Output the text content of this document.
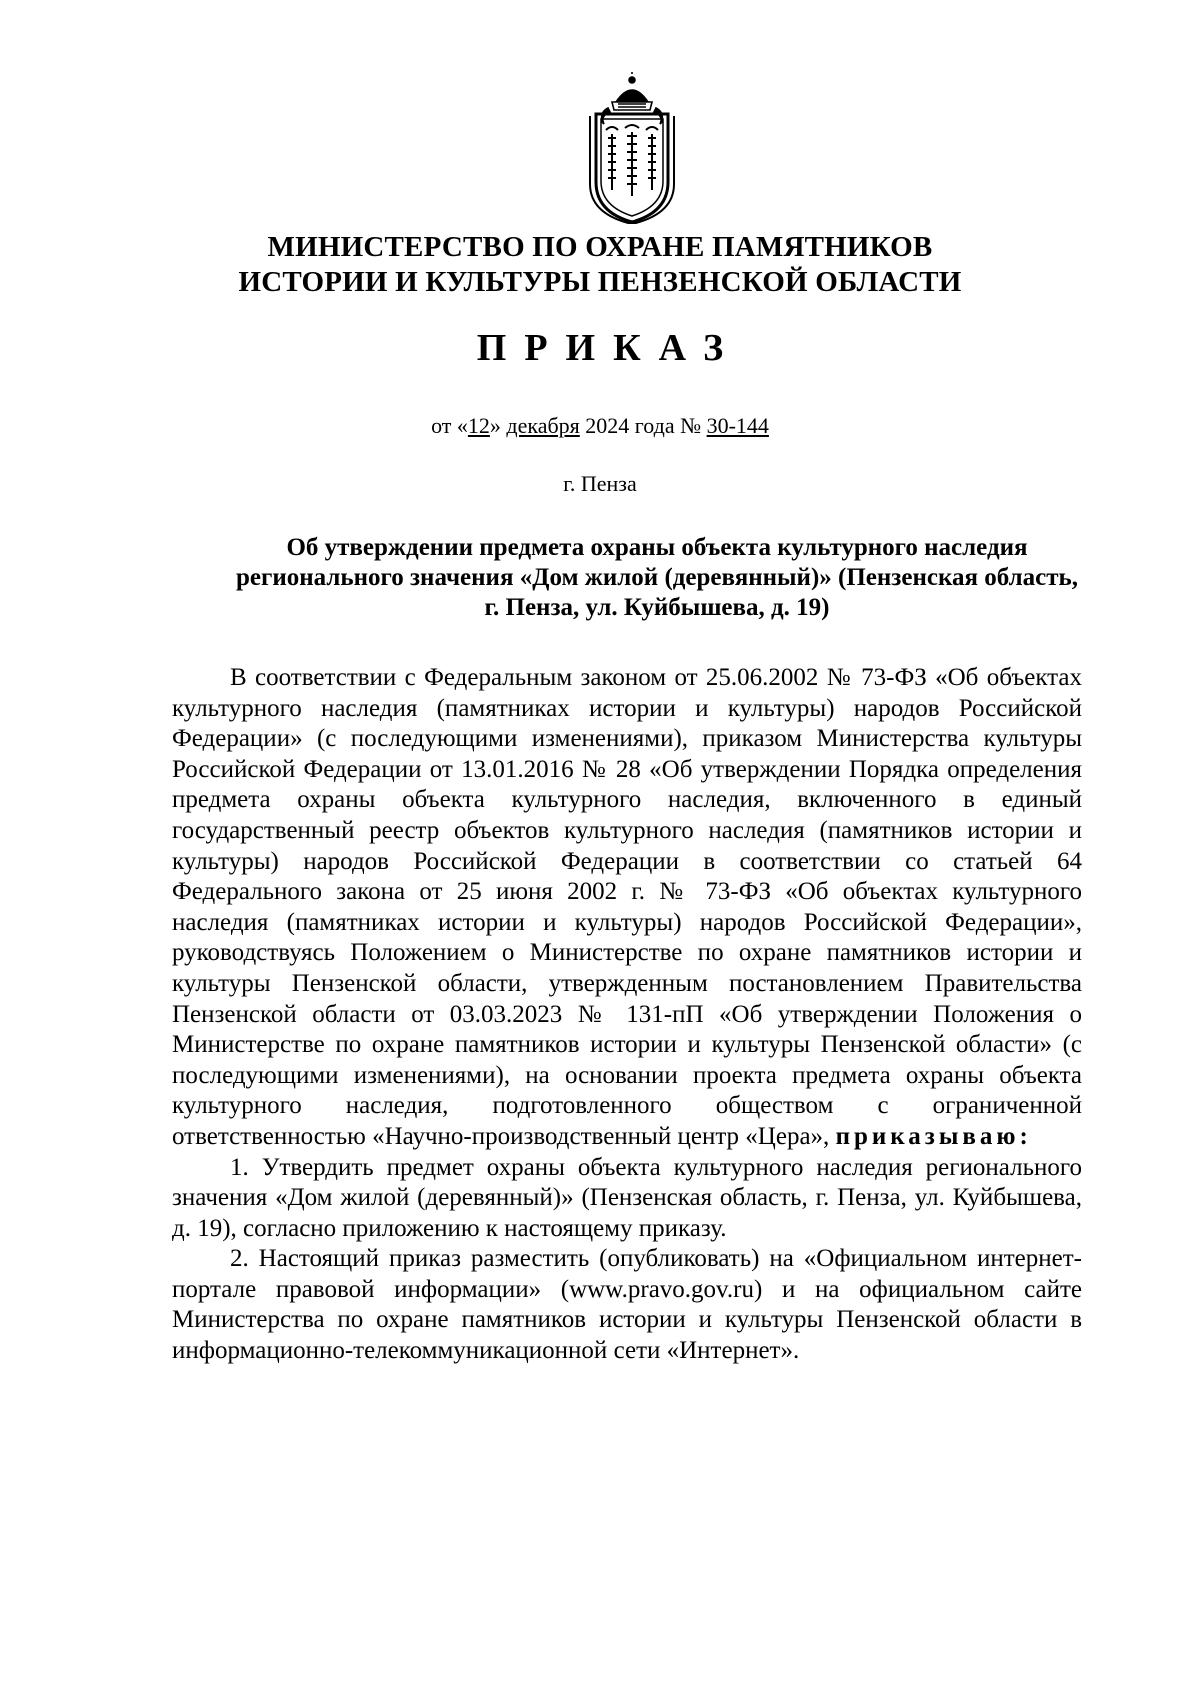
МИНИСТЕРСТВО ПО ОХРАНЕ ПАМЯТНИКОВ
ИСТОРИИ И КУЛЬТУРЫ ПЕНЗЕНСКОЙ ОБЛАСТИ
ПРИКАЗ
от «12» декабря 2024 года № 30-144
г. Пенза
Об утверждении предмета охраны объекта культурного наследия регионального значения «Дом жилой (деревянный)» (Пензенская область, г. Пенза, ул. Куйбышева, д. 19)

В соответствии с Федеральным законом от 25.06.2002 № 73-ФЗ «Об объектах культурного наследия (памятниках истории и культуры) народов Российской Федерации» (с последующими изменениями), приказом Министерства культуры Российской Федерации от 13.01.2016 № 28 «Об утверждении Порядка определения предмета охраны объекта культурного наследия, включенного в единый государственный реестр объектов культурного наследия (памятников истории и культуры) народов Российской Федерации в соответствии со статьей 64 Федерального закона от 25 июня 2002 г. № 73-ФЗ «Об объектах культурного наследия (памятниках истории и культуры) народов Российской Федерации», руководствуясь Положением о Министерстве по охране памятников истории и культуры Пензенской области, утвержденным постановлением Правительства Пензенской области от 03.03.2023 № 131-пП «Об утверждении Положения о Министерстве по охране памятников истории и культуры Пензенской области» (с последующими изменениями), на основании проекта предмета охраны объекта культурного наследия, подготовленного обществом с ограниченной ответственностью «Научно-производственный центр «Цера», приказываю:

1. Утвердить предмет охраны объекта культурного наследия регионального значения «Дом жилой (деревянный)» (Пензенская область, г. Пенза, ул. Куйбышева, д. 19), согласно приложению к настоящему приказу.

2. Настоящий приказ разместить (опубликовать) на «Официальном интернет-портале правовой информации» (www.pravo.gov.ru) и на официальном сайте Министерства по охране памятников истории и культуры Пензенской области в информационно-телекоммуникационной сети «Интернет».
